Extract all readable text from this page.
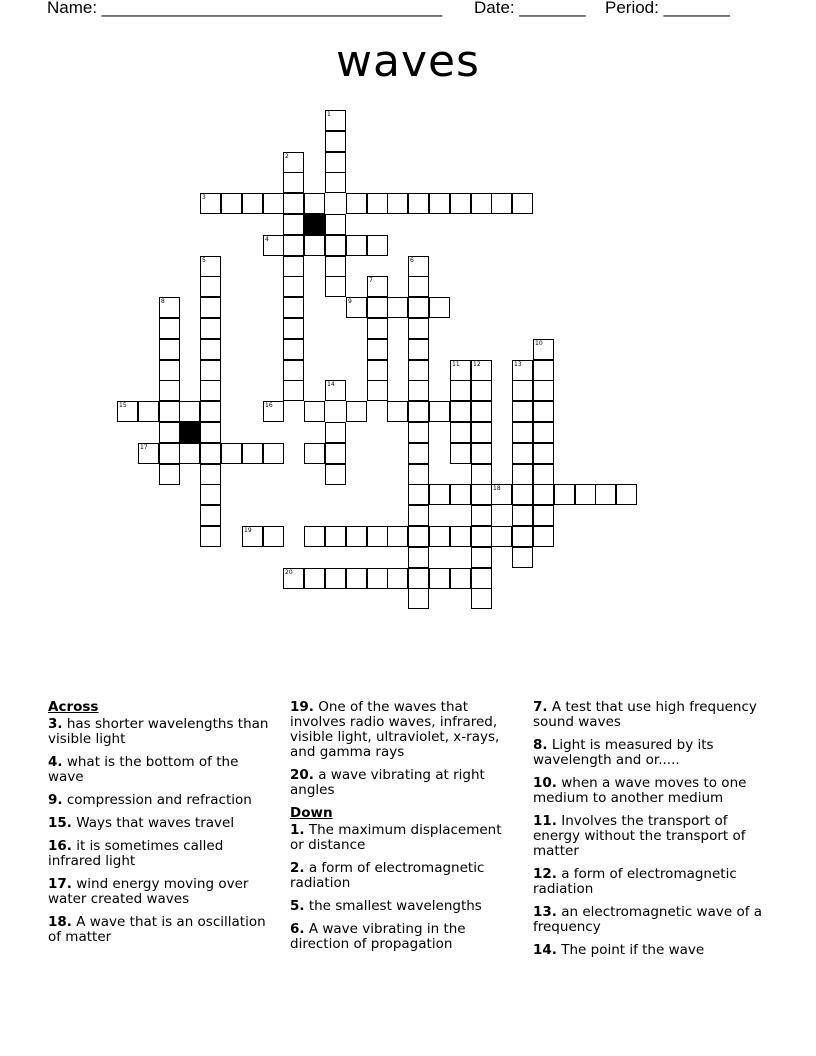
Name: ____________________________________ Date: _______ Period: _______
waves
1
2
3
4
5	6
7
8	9
10
11 12	13
14
15	16
17
18
19
20
Across
3. has shorter wavelengths than visible light
4. what is the bottom of the wave
9. compression and refraction
15. Ways that waves travel
16. it is sometimes called infrared light
17. wind energy moving over water created waves
18. A wave that is an oscillation of matter
19. One of the waves that involves radio waves, infrared, visible light, ultraviolet, x-rays, and gamma rays
20. a wave vibrating at right angles
Down
1. The maximum displacement or distance
2. a form of electromagnetic radiation
5. the smallest wavelengths
6. A wave vibrating in the direction of propagation
7. A test that use high frequency sound waves
8. Light is measured by its wavelength and or.....
10. when a wave moves to one medium to another medium
11. Involves the transport of energy without the transport of matter
12. a form of electromagnetic radiation
13. an electromagnetic wave of a frequency
14. The point if the wave
